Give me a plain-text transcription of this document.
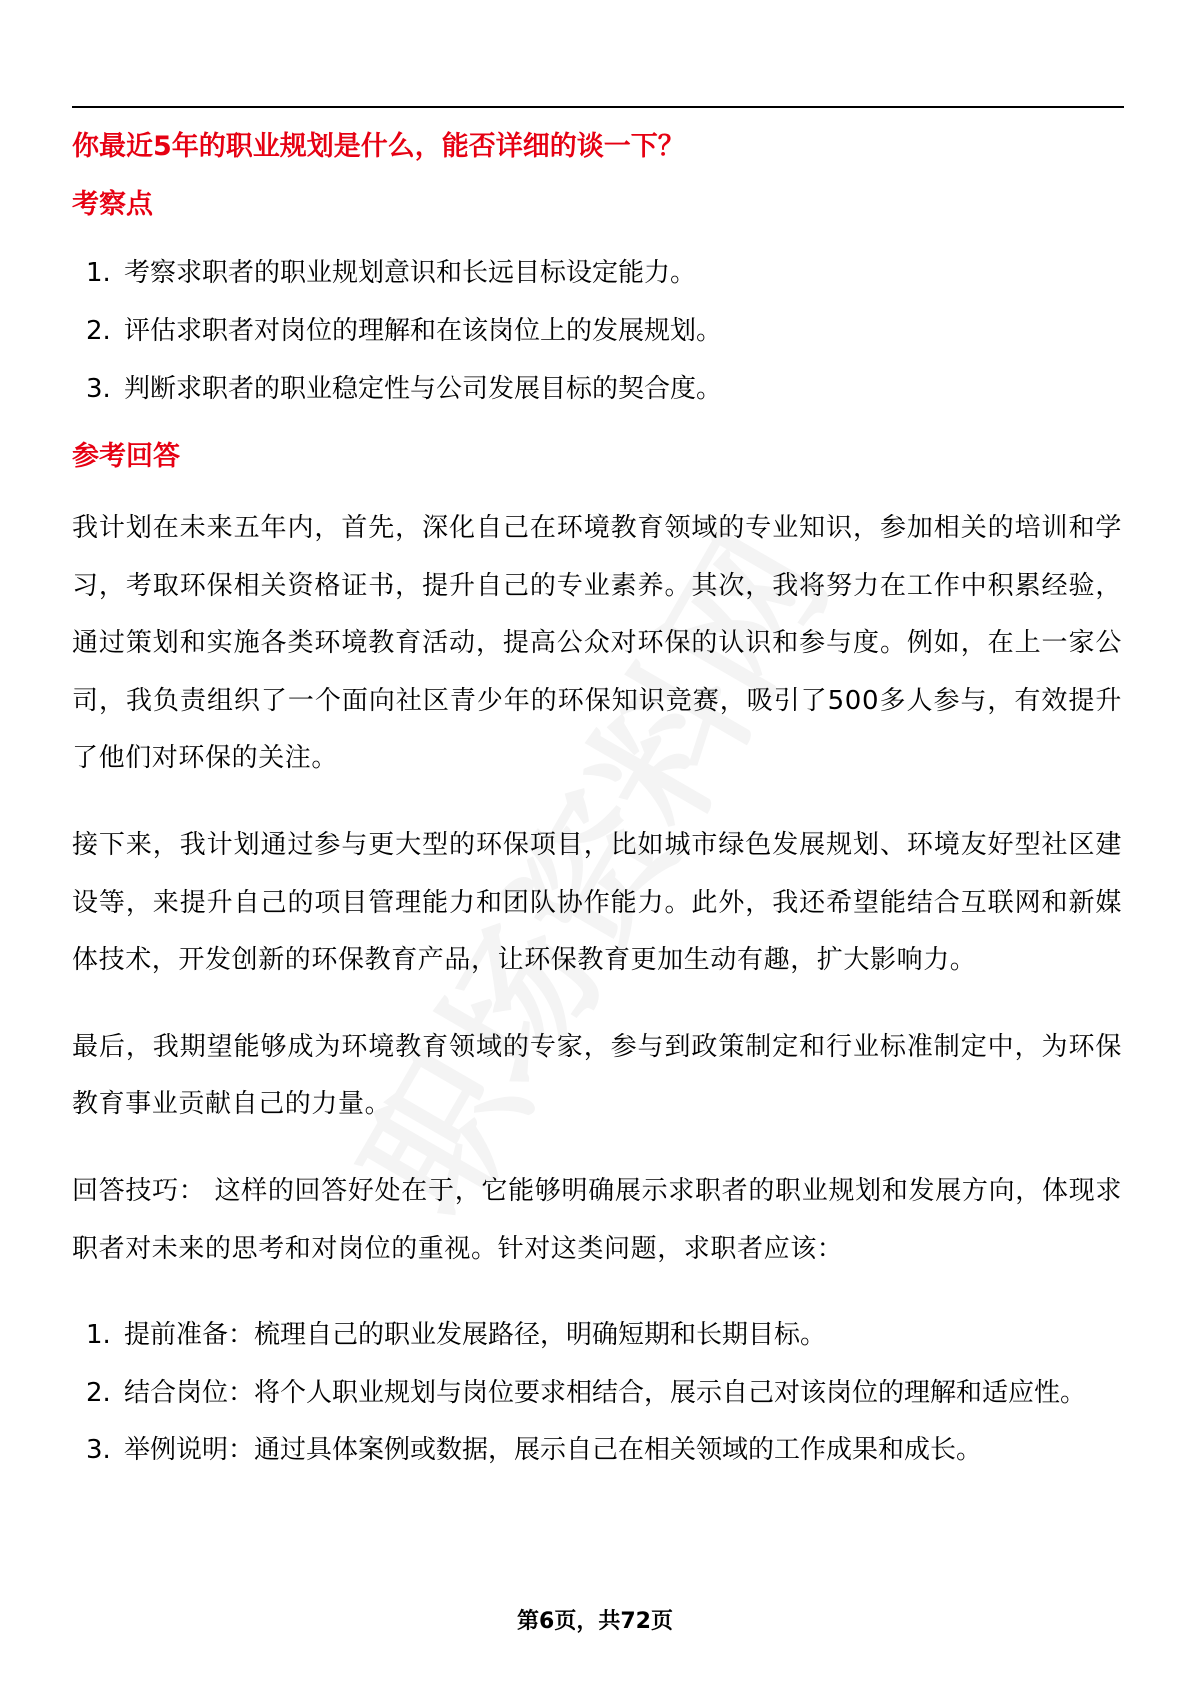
你最近5年的职业规划是什么，能否详细的谈一下？

考察点

1. 考察求职者的职业规划意识和长远目标设定能力。
2. 评估求职者对岗位的理解和在该岗位上的发展规划。
3. 判断求职者的职业稳定性与公司发展目标的契合度。

参考回答

我计划在未来五年内，首先，深化自己在环境教育领域的专业知识，参加相关的培训和学习，考取环保相关资格证书，提升自己的专业素养。其次，我将努力在工作中积累经验，通过策划和实施各类环境教育活动，提高公众对环保的认识和参与度。例如，在上一家公司，我负责组织了一个面向社区青少年的环保知识竞赛，吸引了500多人参与，有效提升了他们对环保的关注。

接下来，我计划通过参与更大型的环保项目，比如城市绿色发展规划、环境友好型社区建设等，来提升自己的项目管理能力和团队协作能力。此外，我还希望能结合互联网和新媒体技术，开发创新的环保教育产品，让环保教育更加生动有趣，扩大影响力。

最后，我期望能够成为环境教育领域的专家，参与到政策制定和行业标准制定中，为环保教育事业贡献自己的力量。

回答技巧： 这样的回答好处在于，它能够明确展示求职者的职业规划和发展方向，体现求职者对未来的思考和对岗位的重视。针对这类问题，求职者应该：

1. 提前准备：梳理自己的职业发展路径，明确短期和长期目标。
2. 结合岗位：将个人职业规划与岗位要求相结合，展示自己对该岗位的理解和适应性。
3. 举例说明：通过具体案例或数据，展示自己在相关领域的工作成果和成长。
第6页，共72页
